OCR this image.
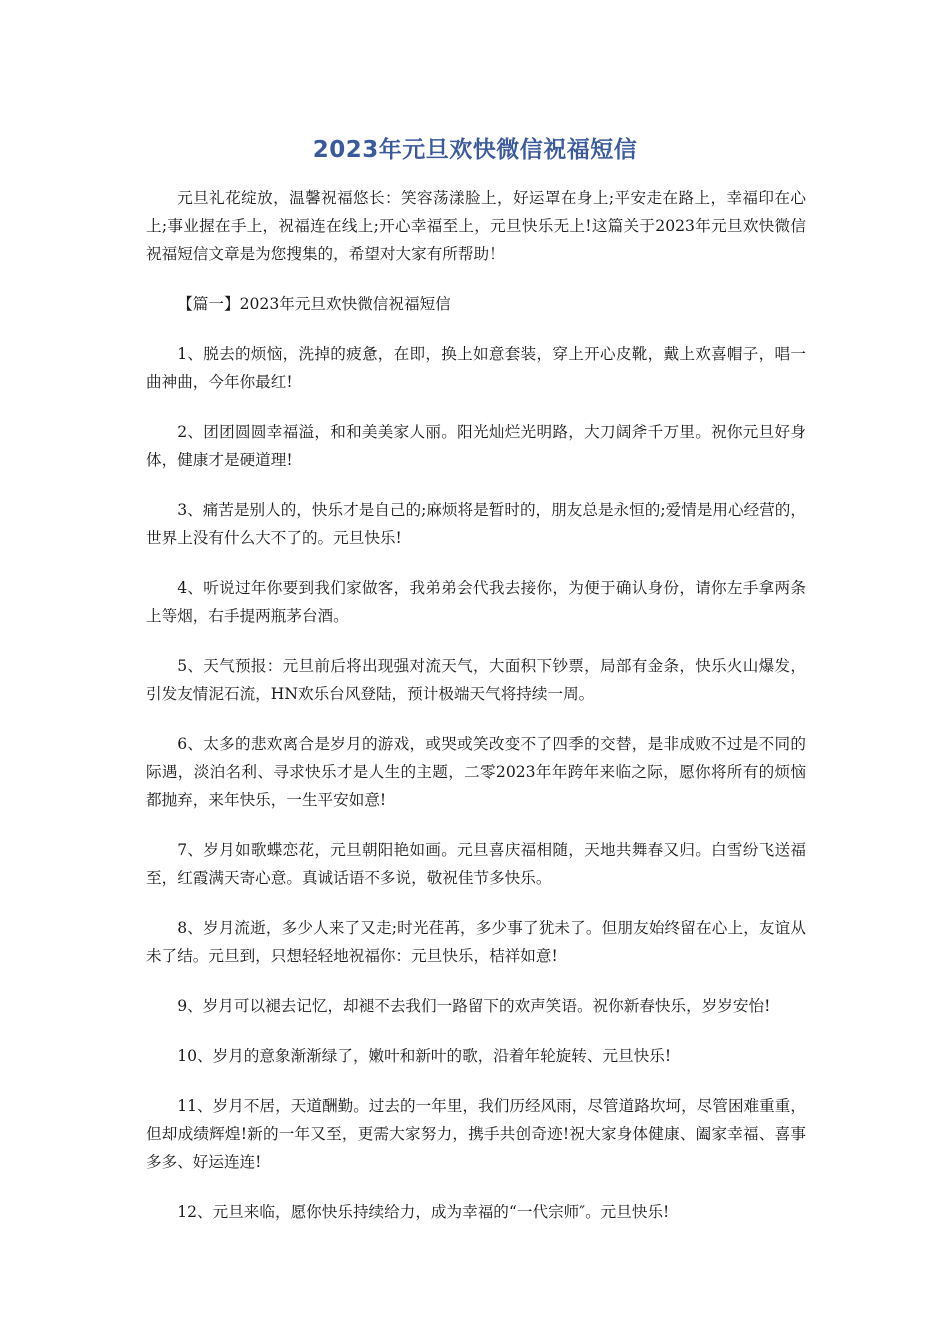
2023年元旦欢快微信祝福短信

元旦礼花绽放，温馨祝福悠长：笑容荡漾脸上，好运罩在身上;平安走在路上，幸福印在心上;事业握在手上，祝福连在线上;开心幸福至上，元旦快乐无上!这篇关于2023年元旦欢快微信祝福短信文章是为您搜集的，希望对大家有所帮助！

【篇一】2023年元旦欢快微信祝福短信

1、脱去的烦恼，洗掉的疲惫，在即，换上如意套装，穿上开心皮靴，戴上欢喜帽子，唱一曲神曲，今年你最红!

2、团团圆圆幸福溢，和和美美家人丽。阳光灿烂光明路，大刀阔斧千万里。祝你元旦好身体，健康才是硬道理!

3、痛苦是别人的，快乐才是自己的;麻烦将是暂时的，朋友总是永恒的;爱情是用心经营的，世界上没有什么大不了的。元旦快乐!

4、听说过年你要到我们家做客，我弟弟会代我去接你，为便于确认身份，请你左手拿两条上等烟，右手提两瓶茅台酒。

5、天气预报：元旦前后将出现强对流天气，大面积下钞票，局部有金条，快乐火山爆发，引发友情泥石流，HN欢乐台风登陆，预计极端天气将持续一周。

6、太多的悲欢离合是岁月的游戏，或哭或笑改变不了四季的交替，是非成败不过是不同的际遇，淡泊名利、寻求快乐才是人生的主题，二零2023年年跨年来临之际，愿你将所有的烦恼都抛弃，来年快乐，一生平安如意!

7、岁月如歌蝶恋花，元旦朝阳艳如画。元旦喜庆福相随，天地共舞春又归。白雪纷飞送福至，红霞满天寄心意。真诚话语不多说，敬祝佳节多快乐。

8、岁月流逝，多少人来了又走;时光荏苒，多少事了犹未了。但朋友始终留在心上，友谊从未了结。元旦到，只想轻轻地祝福你：元旦快乐，桔祥如意!

9、岁月可以褪去记忆，却褪不去我们一路留下的欢声笑语。祝你新春快乐，岁岁安怡!

10、岁月的意象渐渐绿了，嫩叶和新叶的歌，沿着年轮旋转、元旦快乐!

11、岁月不居，天道酬勤。过去的一年里，我们历经风雨，尽管道路坎坷，尽管困难重重，但却成绩辉煌!新的一年又至，更需大家努力，携手共创奇迹!祝大家身体健康、阖家幸福、喜事多多、好运连连!

12、元旦来临，愿你快乐持续给力，成为幸福的“一代宗师″。元旦快乐!
